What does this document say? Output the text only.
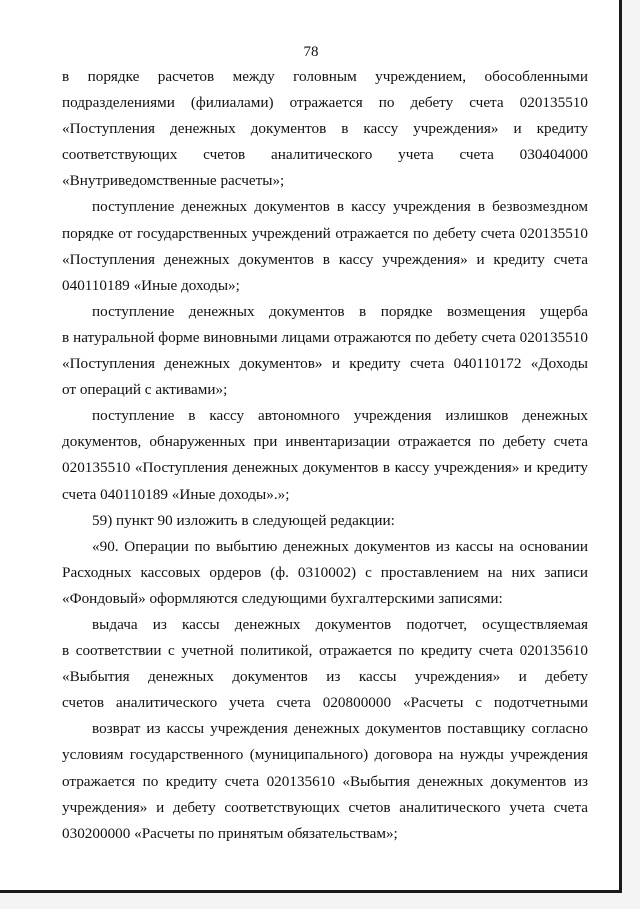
78
в порядке расчетов между головным учреждением, обособленными
подразделениями (филиалами) отражается по дебету счета 020135510
«Поступления денежных документов в кассу учреждения» и кредиту
соответствующих счетов аналитического учета счета 030404000
«Внутриведомственные расчеты»;
поступление денежных документов в кассу учреждения в безвозмездном
порядке от государственных учреждений отражается по дебету счета 020135510
«Поступления денежных документов в кассу учреждения» и кредиту счета
040110189 «Иные доходы»;
поступление денежных документов в порядке возмещения ущерба
в натуральной форме виновными лицами отражаются по дебету счета 020135510
«Поступления денежных документов» и кредиту счета 040110172 «Доходы
от операций с активами»;
поступление в кассу автономного учреждения излишков денежных
документов, обнаруженных при инвентаризации отражается по дебету счета
020135510 «Поступления денежных документов в кассу учреждения» и кредиту
счета 040110189 «Иные доходы».»;
59) пункт 90 изложить в следующей редакции:
«90. Операции по выбытию денежных документов из кассы на основании
Расходных кассовых ордеров (ф. 0310002) с проставлением на них записи
«Фондовый» оформляются следующими бухгалтерскими записями:
выдача из кассы денежных документов подотчет, осуществляемая
в соответствии с учетной политикой, отражается по кредиту счета 020135610
«Выбытия денежных документов из кассы учреждения» и дебету
счетов аналитического учета счета 020800000 «Расчеты с подотчетными
возврат из кассы учреждения денежных документов поставщику согласно
условиям государственного (муниципального) договора на нужды учреждения
отражается по кредиту счета 020135610 «Выбытия денежных документов из
учреждения» и дебету соответствующих счетов аналитического учета счета
030200000 «Расчеты по принятым обязательствам»;
